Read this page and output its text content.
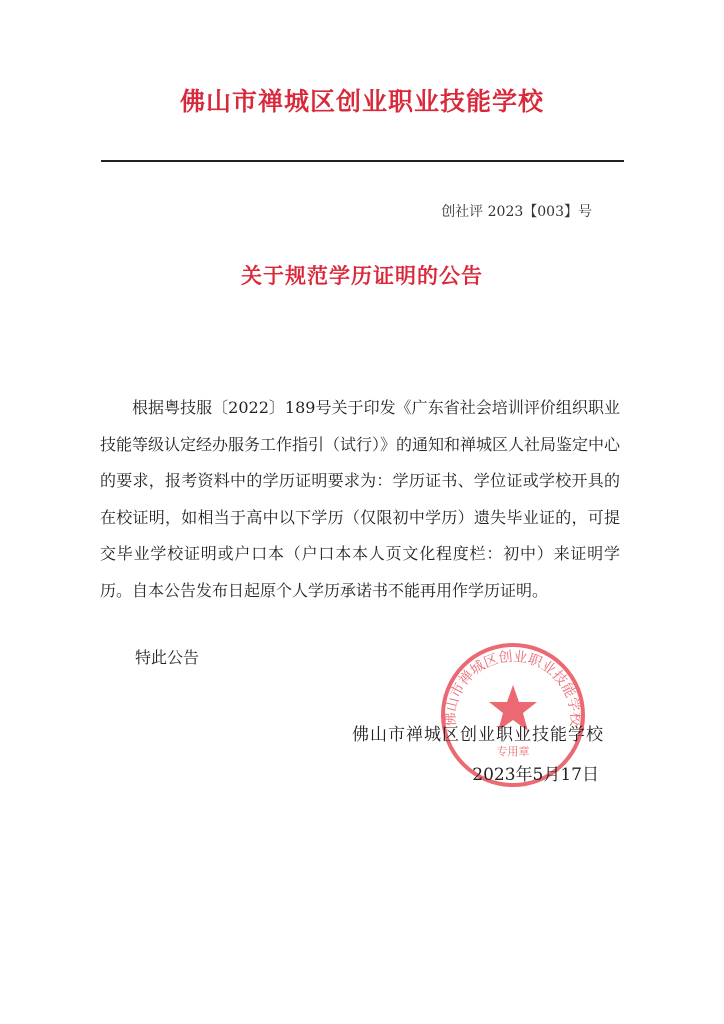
佛山市禅城区创业职业技能学校
创社评 2023【003】号
关于规范学历证明的公告

根据粤技服〔2022〕189号关于印发《广东省社会培训评价组织职业技能等级认定经办服务工作指引（试行）》的通知和禅城区人社局鉴定中心的要求，报考资料中的学历证明要求为：学历证书、学位证或学校开具的在校证明，如相当于高中以下学历（仅限初中学历）遗失毕业证的，可提交毕业学校证明或户口本（户口本本人页文化程度栏：初中）来证明学历。自本公告发布日起原个人学历承诺书不能再用作学历证明。

特此公告
佛山市禅城区创业职业技能学校
专用章
佛山市禅城区创业职业技能学校
2023年5月17日
